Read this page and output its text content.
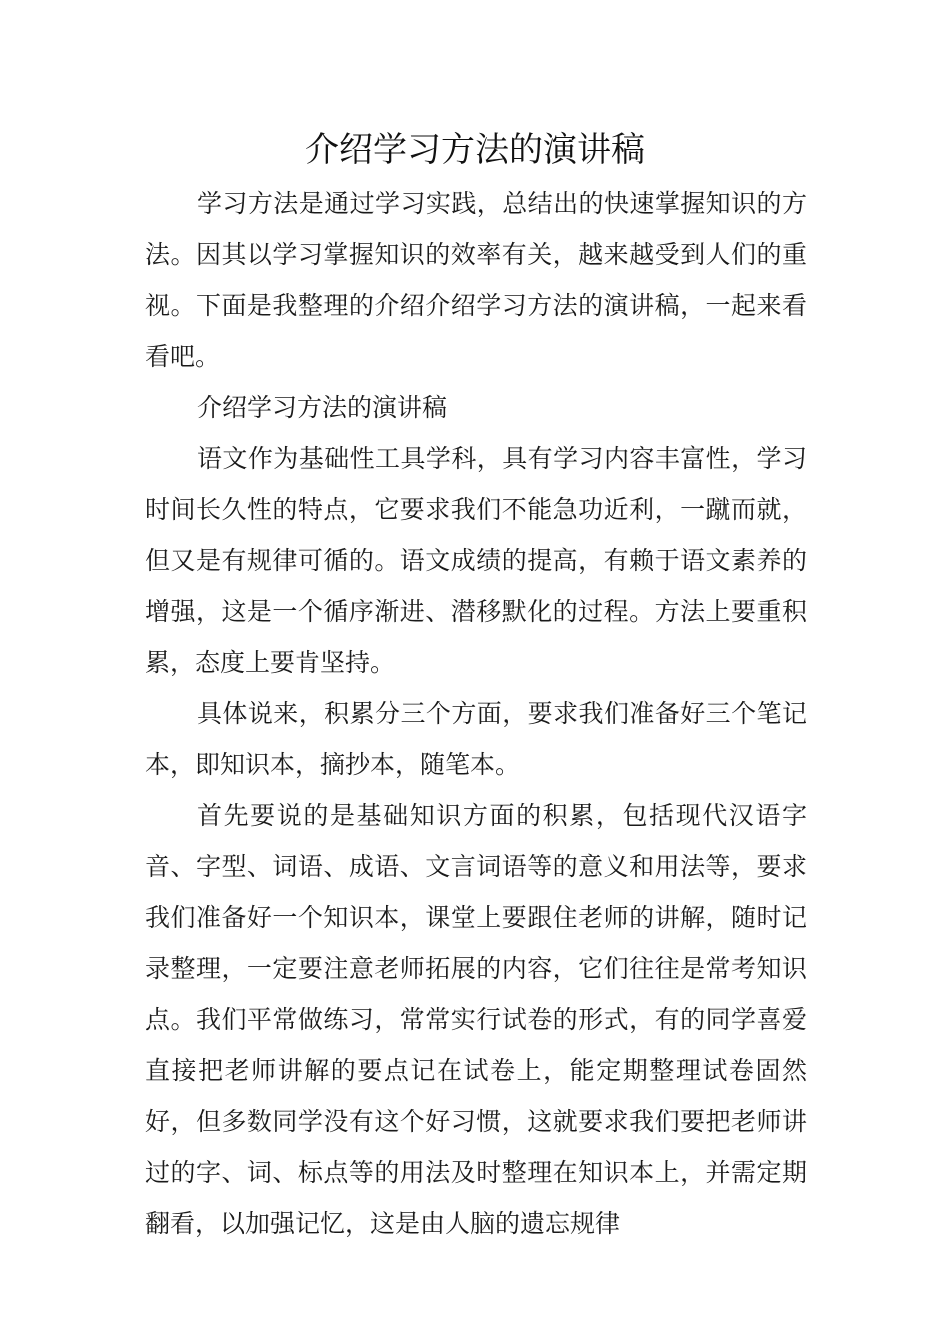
介绍学习方法的演讲稿

学习方法是通过学习实践，总结出的快速掌握知识的方法。因其以学习掌握知识的效率有关，越来越受到人们的重视。下面是我整理的介绍介绍学习方法的演讲稿，一起来看看吧。

介绍学习方法的演讲稿

语文作为基础性工具学科，具有学习内容丰富性，学习时间长久性的特点，它要求我们不能急功近利，一蹴而就，但又是有规律可循的。语文成绩的提高，有赖于语文素养的增强，这是一个循序渐进、潜移默化的过程。方法上要重积累，态度上要肯坚持。

具体说来，积累分三个方面，要求我们准备好三个笔记本，即知识本，摘抄本，随笔本。

首先要说的是基础知识方面的积累，包括现代汉语字音、字型、词语、成语、文言词语等的意义和用法等，要求我们准备好一个知识本，课堂上要跟住老师的讲解，随时记录整理，一定要注意老师拓展的内容，它们往往是常考知识点。我们平常做练习，常常实行试卷的形式，有的同学喜爱直接把老师讲解的要点记在试卷上，能定期整理试卷固然好，但多数同学没有这个好习惯，这就要求我们要把老师讲过的字、词、标点等的用法及时整理在知识本上，并需定期翻看，以加强记忆，这是由人脑的遗忘规律
